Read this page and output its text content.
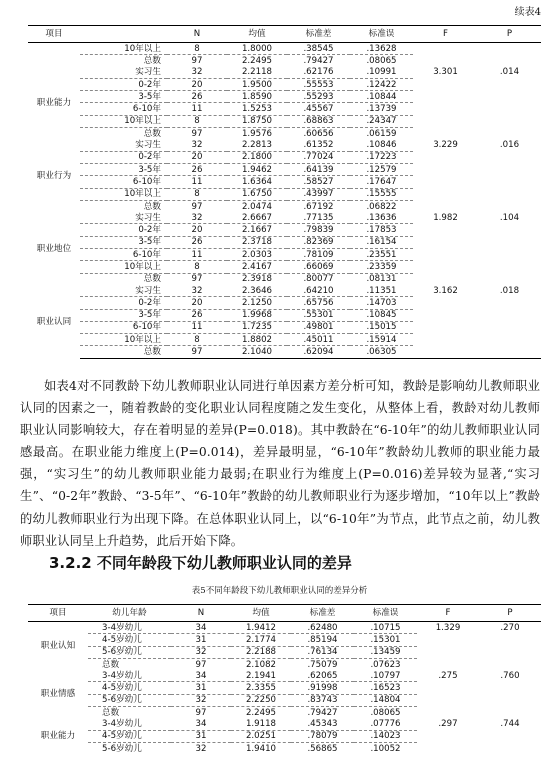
续表4
项目		N	均值	标准差	标准误	F	P
	10年以上	8	1.8000	.38545	.13628		
	总数	97	2.2495	.79427	.08065		
职业能力	实习生	32	2.2118	.62176	.10991	3.301	.014
	0-2年	20	1.9500	.55553	.12422		
	3-5年	26	1.8590	.55293	.10844		
	6-10年	11	1.5253	.45567	.13739		
	10年以上	8	1.8750	.68863	.24347		
	总数	97	1.9576	.60656	.06159		
职业行为	实习生	32	2.2813	.61352	.10846	3.229	.016
	0-2年	20	2.1800	.77024	.17223		
	3-5年	26	1.9462	.64139	.12579		
	6-10年	11	1.6364	.58527	.17647		
	10年以上	8	1.6750	.43997	.15555		
	总数	97	2.0474	.67192	.06822		
职业地位	实习生	32	2.6667	.77135	.13636	1.982	.104
	0-2年	20	2.1667	.79839	.17853		
	3-5年	26	2.3718	.82369	.16154		
	6-10年	11	2.0303	.78109	.23551		
	10年以上	8	2.4167	.66069	.23359		
	总数	97	2.3918	.80077	.08131		
职业认同	实习生	32	2.3646	.64210	.11351	3.162	.018
	0-2年	20	2.1250	.65756	.14703		
	3-5年	26	1.9968	.55301	.10845		
	6-10年	11	1.7235	.49801	.15015		
	10年以上	8	1.8802	.45011	.15914		
	总数	97	2.1040	.62094	.06305		

如表4对不同教龄下幼儿教师职业认同进行单因素方差分析可知，教龄是影响幼儿教师职业认同的因素之一，随着教龄的变化职业认同程度随之发生变化，从整体上看，教龄对幼儿教师职业认同影响较大，存在着明显的差异(P=0.018)。其中教龄在“6-10年”的幼儿教师职业认同感最高。在职业能力维度上(P=0.014)，差异最明显，“6-10年”教龄幼儿教师的职业能力最强，“实习生”的幼儿教师职业能力最弱;在职业行为维度上(P=0.016)差异较为显著,“实习生”、“0-2年”教龄、“3-5年”、“6-10年”教龄的幼儿教师职业行为逐步增加，“10年以上”教龄的幼儿教师职业行为出现下降。在总体职业认同上，以“6-10年”为节点，此节点之前，幼儿教师职业认同呈上升趋势，此后开始下降。

3.2.2 不同年龄段下幼儿教师职业认同的差异
表5不同年龄段下幼儿教师职业认同的差异分析
项目	幼儿年龄	N	均值	标准差	标准误	F	P
职业认知	3-4岁幼儿	34	1.9412	.62480	.10715	1.329	.270
	4-5岁幼儿	31	2.1774	.85194	.15301		
	5-6岁幼儿	32	2.2188	.76134	.13459		
	总数	97	2.1082	.75079	.07623		
职业情感	3-4岁幼儿	34	2.1941	.62065	.10797	.275	.760
	4-5岁幼儿	31	2.3355	.91998	.16523		
	5-6岁幼儿	32	2.2250	.83743	.14804		
	总数	97	2.2495	.79427	.08065		
职业能力	3-4岁幼儿	34	1.9118	.45343	.07776	.297	.744
	4-5岁幼儿	31	2.0251	.78079	.14023		
	5-6岁幼儿	32	1.9410	.56865	.10052		
